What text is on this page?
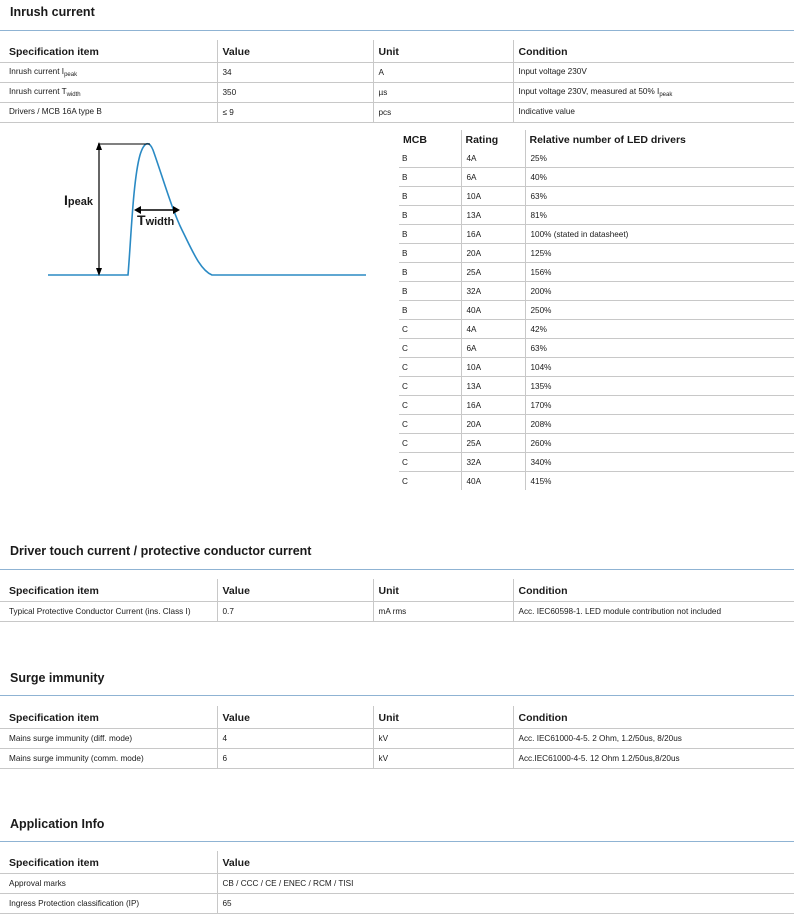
Inrush current
Specification item	Value	Unit	Condition
Inrush current $I_{peak}$	34	A	Input voltage 230V
Inrush current $T_{width}$	350	µs	Input voltage 230V, measured at 50% $I_{peak}$
Drivers / MCB 16A type B	≤ 9	pcs	Indicative value
Ipeak
Twidth
MCB	Rating	Relative number of LED drivers
B	4A	25%
B	6A	40%
B	10A	63%
B	13A	81%
B	16A	100% (stated in datasheet)
B	20A	125%
B	25A	156%
B	32A	200%
B	40A	250%
C	4A	42%
C	6A	63%
C	10A	104%
C	13A	135%
C	16A	170%
C	20A	208%
C	25A	260%
C	32A	340%
C	40A	415%
Driver touch current / protective conductor current
Specification item	Value	Unit	Condition
Typical Protective Conductor Current (ins. Class I)	0.7	mA rms	Acc. IEC60598-1. LED module contribution not included
Surge immunity
Specification item	Value	Unit	Condition
Mains surge immunity (diff. mode)	4	kV	Acc. IEC61000-4-5. 2 Ohm, 1.2/50us, 8/20us
Mains surge immunity (comm. mode)	6	kV	Acc.IEC61000-4-5. 12 Ohm 1.2/50us,8/20us
Application Info
Specification item	Value
Approval marks	CB / CCC / CE / ENEC / RCM / TISI
Ingress Protection classification (IP)	65
